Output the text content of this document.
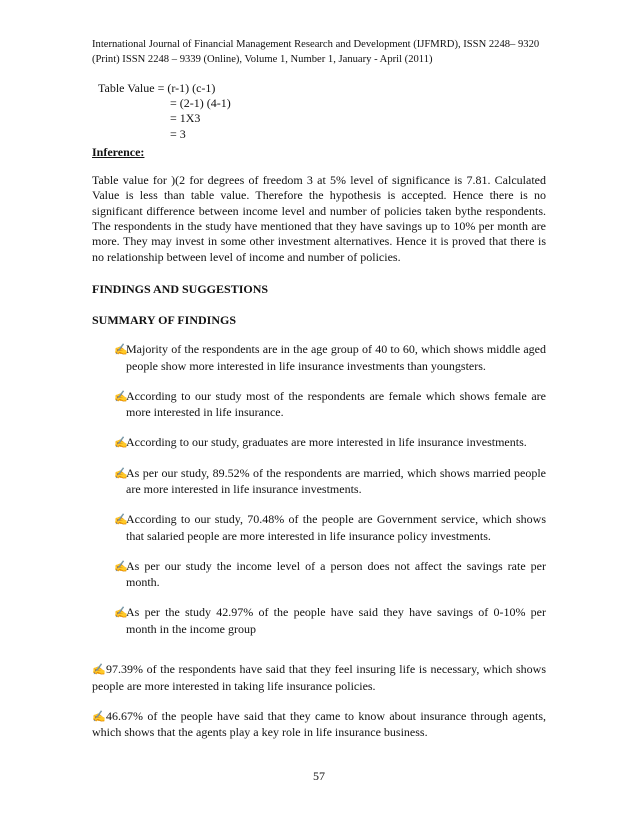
International Journal of Financial Management Research and Development (IJFMRD), ISSN 2248– 9320
(Print) ISSN 2248 – 9339 (Online), Volume 1, Number 1, January - April (2011)
Table Value = (r-1) (c-1)
= (2-1) (4-1)
= 1X3
= 3

Inference:

Table value for )(2 for degrees of freedom 3 at 5% level of significance is 7.81. Calculated Value is less than table value. Therefore the hypothesis is accepted. Hence there is no significant difference between income level and number of policies taken bythe respondents. The respondents in the study have mentioned that they have savings up to 10% per month are more. They may invest in some other investment alternatives. Hence it is proved that there is no relationship between level of income and number of policies.

FINDINGS AND SUGGESTIONS

SUMMARY OF FINDINGS

✍Majority of the respondents are in the age group of 40 to 60, which shows middle aged people show more interested in life insurance investments than youngsters.
✍According to our study most of the respondents are female which shows female are more interested in life insurance.
✍According to our study, graduates are more interested in life insurance investments.
✍As per our study, 89.52% of the respondents are married, which shows married people are more interested in life insurance investments.
✍According to our study, 70.48% of the people are Government service, which shows that salaried people are more interested in life insurance policy investments.
✍As per our study the income level of a person does not affect the savings rate per month.
✍As per the study 42.97% of the people have said they have savings of 0-10% per month in the income group

✍97.39% of the respondents have said that they feel insuring life is necessary, which shows people are more interested in taking life insurance policies.

✍46.67% of the people have said that they came to know about insurance through agents, which shows that the agents play a key role in life insurance business.

57
